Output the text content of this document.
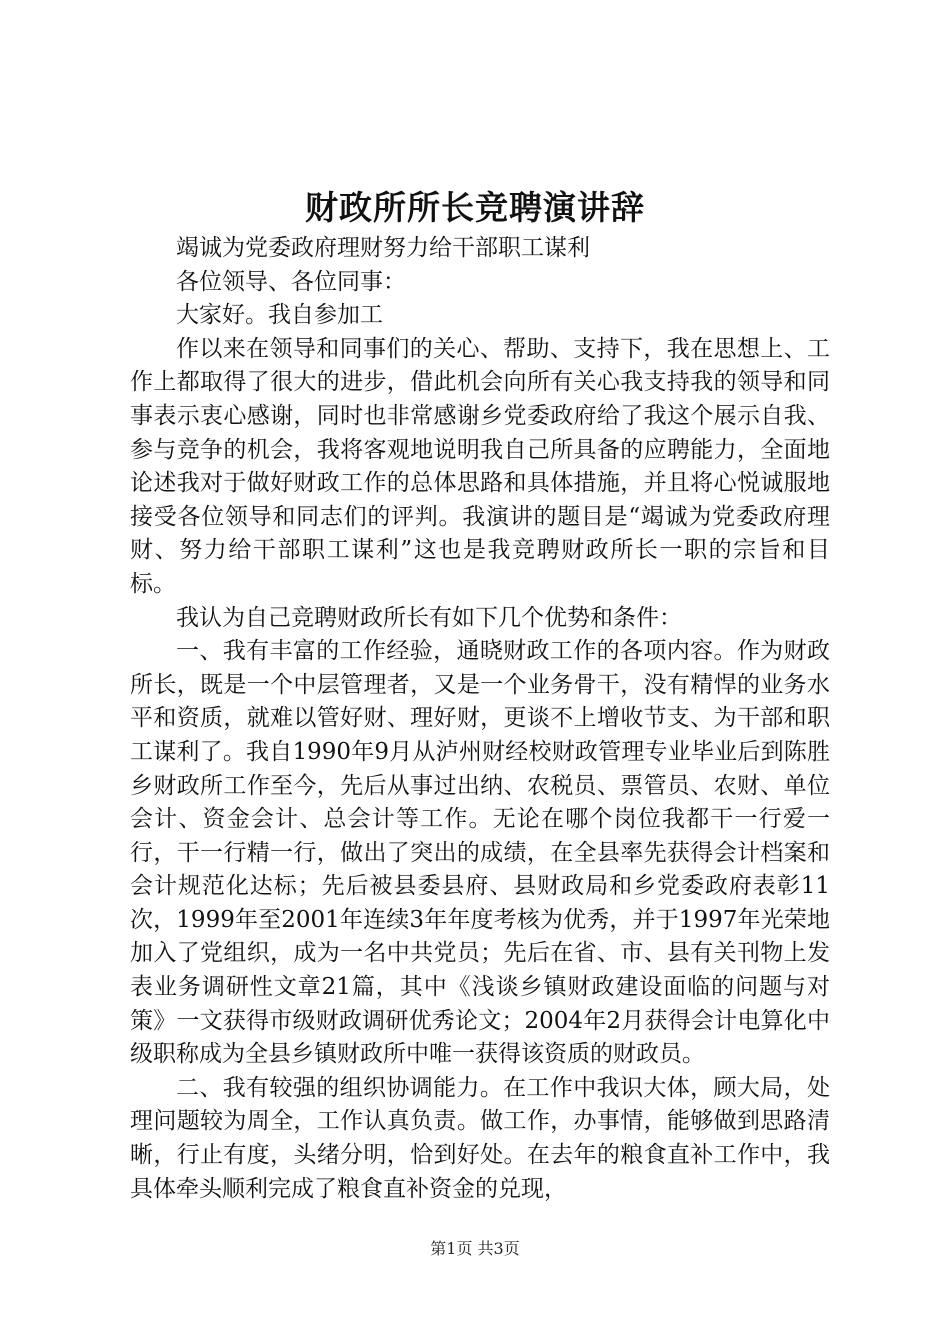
财政所所长竞聘演讲辞

竭诚为党委政府理财努力给干部职工谋利

各位领导、各位同事：

大家好。我自参加工

作以来在领导和同事们的关心、帮助、支持下，我在思想上、工作上都取得了很大的进步，借此机会向所有关心我支持我的领导和同事表示衷心感谢，同时也非常感谢乡党委政府给了我这个展示自我、参与竞争的机会，我将客观地说明我自己所具备的应聘能力，全面地论述我对于做好财政工作的总体思路和具体措施，并且将心悦诚服地接受各位领导和同志们的评判。我演讲的题目是“竭诚为党委政府理财、努力给干部职工谋利”这也是我竞聘财政所长一职的宗旨和目标。

我认为自己竞聘财政所长有如下几个优势和条件：

一、我有丰富的工作经验，通晓财政工作的各项内容。作为财政所长，既是一个中层管理者，又是一个业务骨干，没有精悍的业务水平和资质，就难以管好财、理好财，更谈不上增收节支、为干部和职工谋利了。我自1990年9月从泸州财经校财政管理专业毕业后到陈胜乡财政所工作至今，先后从事过出纳、农税员、票管员、农财、单位会计、资金会计、总会计等工作。无论在哪个岗位我都干一行爱一行，干一行精一行，做出了突出的成绩，在全县率先获得会计档案和会计规范化达标；先后被县委县府、县财政局和乡党委政府表彰11次，1999年至2001年连续3年年度考核为优秀，并于1997年光荣地加入了党组织，成为一名中共党员；先后在省、市、县有关刊物上发表业务调研性文章21篇，其中《浅谈乡镇财政建设面临的问题与对策》一文获得市级财政调研优秀论文；2004年2月获得会计电算化中级职称成为全县乡镇财政所中唯一获得该资质的财政员。

二、我有较强的组织协调能力。在工作中我识大体，顾大局，处理问题较为周全，工作认真负责。做工作，办事情，能够做到思路清晰，行止有度，头绪分明，恰到好处。在去年的粮食直补工作中，我具体牵头顺利完成了粮食直补资金的兑现，

第1页 共3页
